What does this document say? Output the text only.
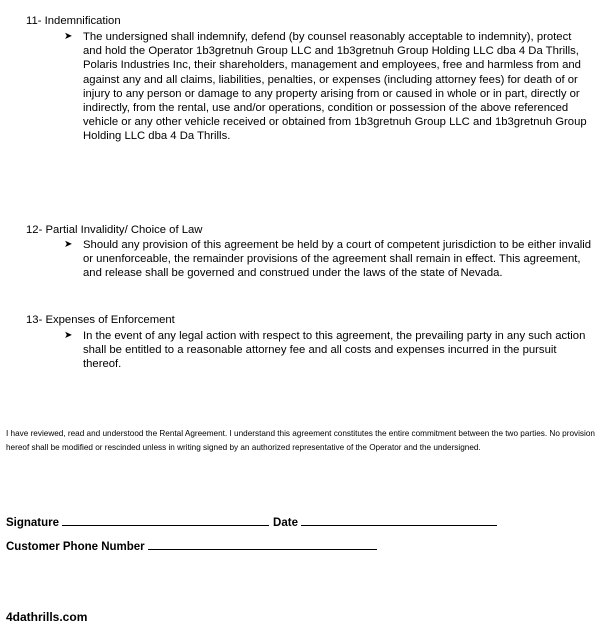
11- Indemnification
➤ The undersigned shall indemnify, defend (by counsel reasonably acceptable to indemnity), protect and hold the Operator 1b3gretnuh Group LLC and 1b3gretnuh Group Holding LLC dba 4 Da Thrills, Polaris Industries Inc, their shareholders, management and employees, free and harmless from and against any and all claims, liabilities, penalties, or expenses (including attorney fees) for death of or injury to any person or damage to any property arising from or caused in whole or in part, directly or indirectly, from the rental, use and/or operations, condition or possession of the above referenced vehicle or any other vehicle received or obtained from 1b3gretnuh Group LLC and 1b3gretnuh Group Holding LLC dba 4 Da Thrills.
12- Partial Invalidity/ Choice of Law
➤ Should any provision of this agreement be held by a court of competent jurisdiction to be either invalid or unenforceable, the remainder provisions of the agreement shall remain in effect. This agreement, and release shall be governed and construed under the laws of the state of Nevada.
13- Expenses of Enforcement
➤ In the event of any legal action with respect to this agreement, the prevailing party in any such action shall be entitled to a reasonable attorney fee and all costs and expenses incurred in the pursuit thereof.
I have reviewed, read and understood the Rental Agreement. I understand this agreement constitutes the entire commitment between the two parties. No provision hereof shall be modified or rescinded unless in writing signed by an authorized representative of the Operator and the undersigned.
Signature	Date
Customer Phone Number
4dathrills.com
